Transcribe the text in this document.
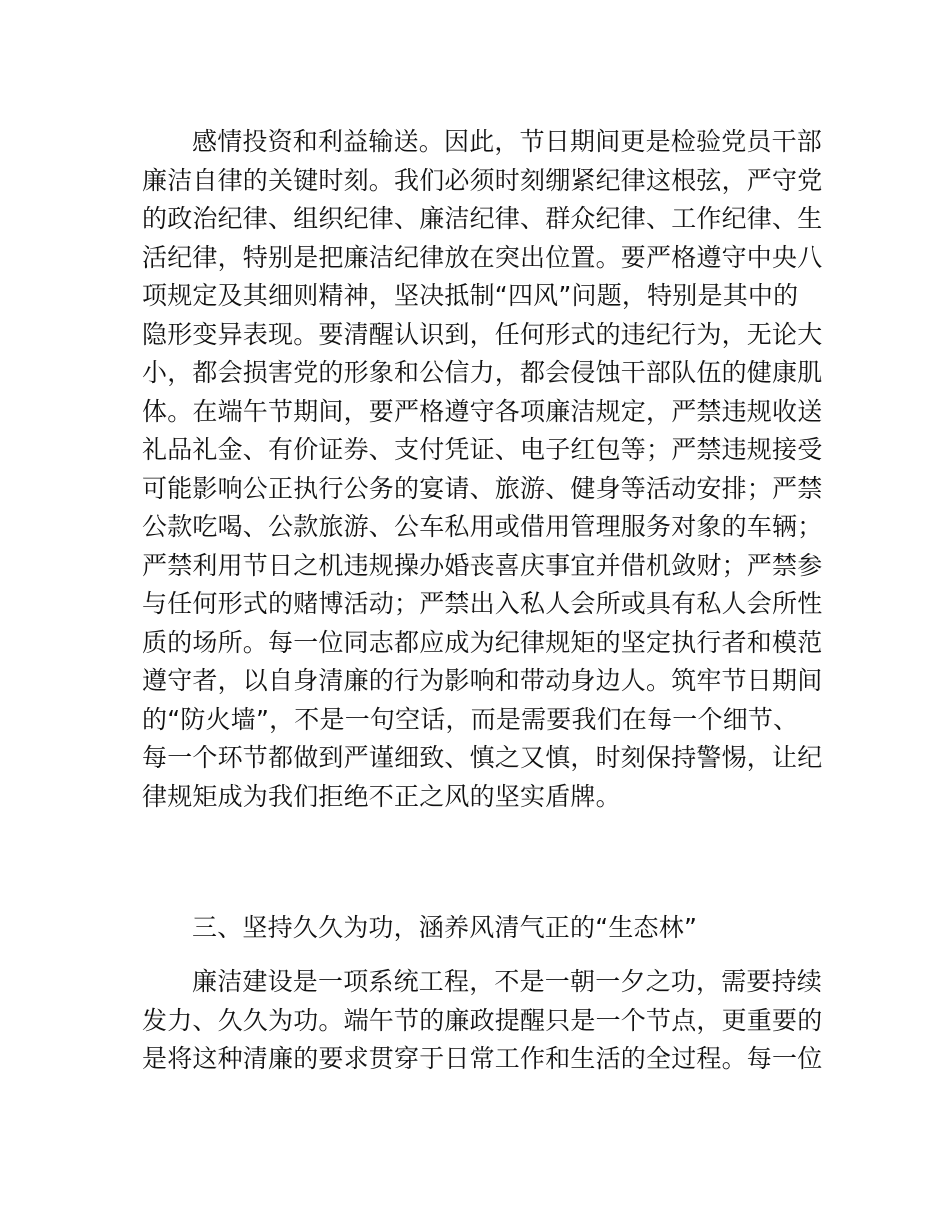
感情投资和利益输送。因此，节日期间更是检验党员干部
廉洁自律的关键时刻。我们必须时刻绷紧纪律这根弦，严守党
的政治纪律、组织纪律、廉洁纪律、群众纪律、工作纪律、生
活纪律，特别是把廉洁纪律放在突出位置。要严格遵守中央八
项规定及其细则精神，坚决抵制“四风”问题，特别是其中的
隐形变异表现。要清醒认识到，任何形式的违纪行为，无论大
小，都会损害党的形象和公信力，都会侵蚀干部队伍的健康肌
体。在端午节期间，要严格遵守各项廉洁规定，严禁违规收送
礼品礼金、有价证券、支付凭证、电子红包等；严禁违规接受
可能影响公正执行公务的宴请、旅游、健身等活动安排；严禁
公款吃喝、公款旅游、公车私用或借用管理服务对象的车辆；
严禁利用节日之机违规操办婚丧喜庆事宜并借机敛财；严禁参
与任何形式的赌博活动；严禁出入私人会所或具有私人会所性
质的场所。每一位同志都应成为纪律规矩的坚定执行者和模范
遵守者，以自身清廉的行为影响和带动身边人。筑牢节日期间
的“防火墙”，不是一句空话，而是需要我们在每一个细节、
每一个环节都做到严谨细致、慎之又慎，时刻保持警惕，让纪
律规矩成为我们拒绝不正之风的坚实盾牌。
三、坚持久久为功，涵养风清气正的“生态林”
廉洁建设是一项系统工程，不是一朝一夕之功，需要持续
发力、久久为功。端午节的廉政提醒只是一个节点，更重要的
是将这种清廉的要求贯穿于日常工作和生活的全过程。每一位
